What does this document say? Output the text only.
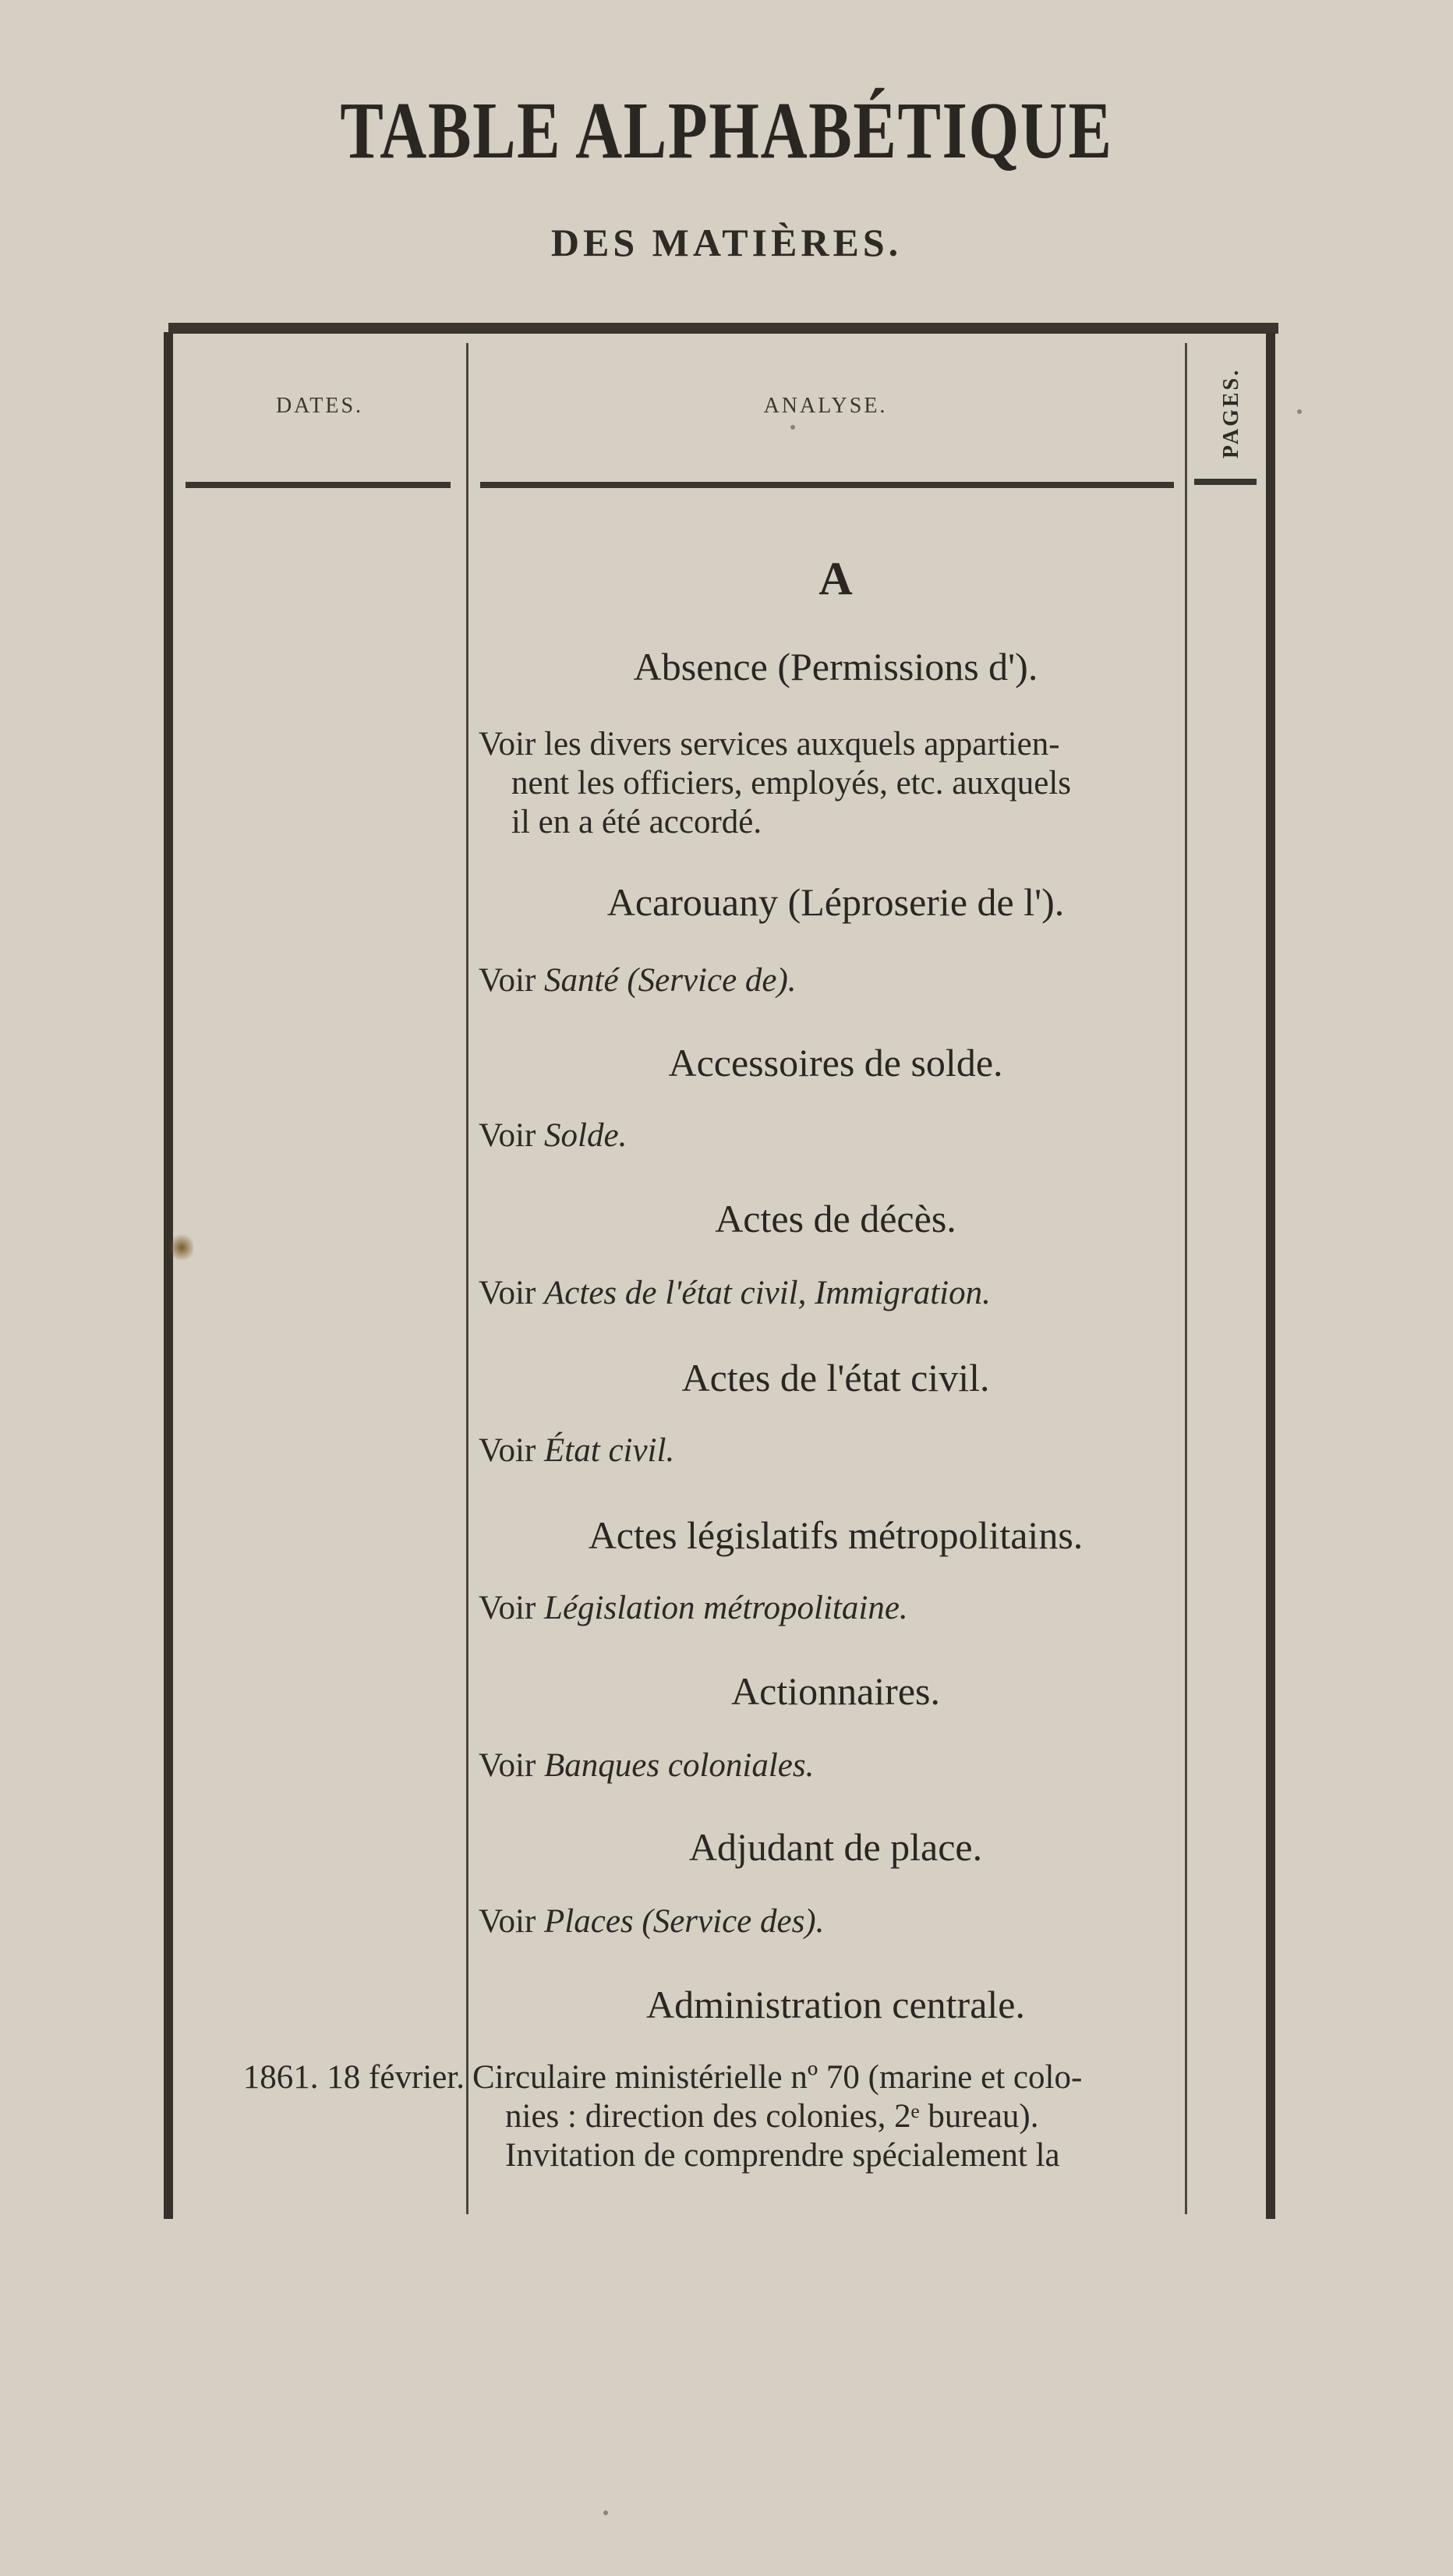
TABLE ALPHABÉTIQUE
DES MATIÈRES.
DATES.	ANALYSE.	PAGES.
A
Absence (Permissions d').
Voir les divers services auxquels appartien-
nent les officiers, employés, etc. auxquels
il en a été accordé.
Acarouany (Léproserie de l').
Voir Santé (Service de).
Accessoires de solde.
Voir Solde.
Actes de décès.
Voir Actes de l'état civil, Immigration.
Actes de l'état civil.
Voir État civil.
Actes législatifs métropolitains.
Voir Législation métropolitaine.
Actionnaires.
Voir Banques coloniales.
Adjudant de place.
Voir Places (Service des).
Administration centrale.
1861. 18 février. Circulaire ministérielle nº 70 (marine et colo-
nies : direction des colonies, 2ᵉ bureau).
Invitation de comprendre spécialement la
